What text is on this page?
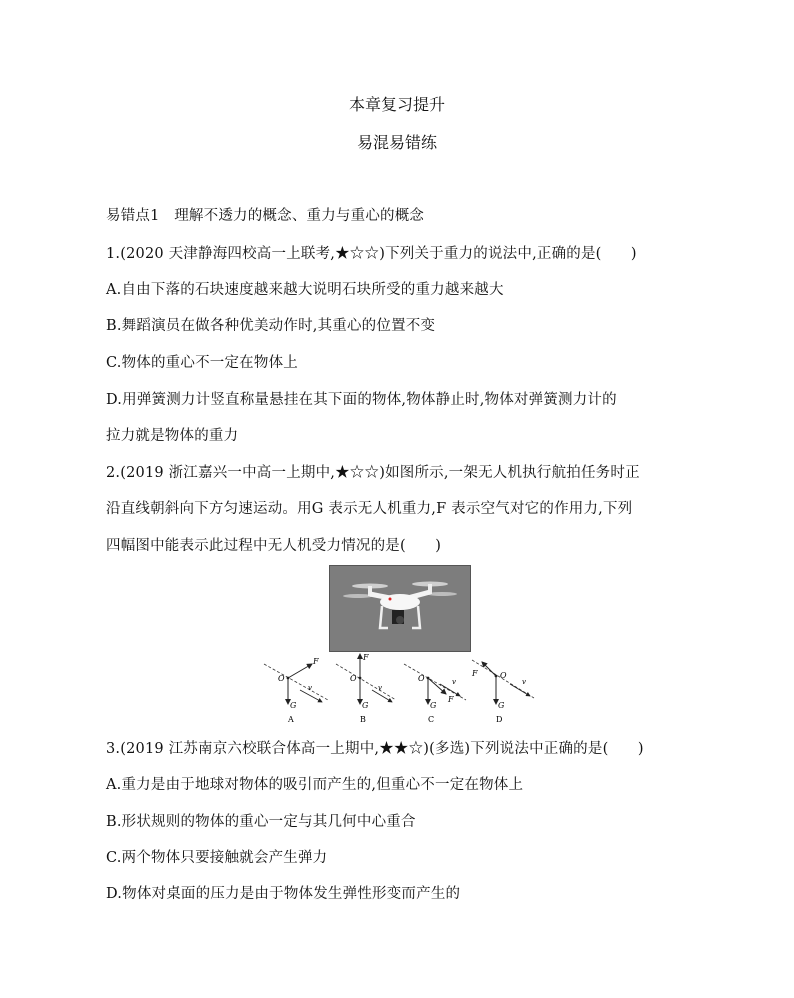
本章复习提升
易混易错练
易错点1　理解不透力的概念、重力与重心的概念
1.(2020 天津静海四校高一上联考,★☆☆)下列关于重力的说法中,正确的是(　　)
A.自由下落的石块速度越来越大说明石块所受的重力越来越大
B.舞蹈演员在做各种优美动作时,其重心的位置不变
C.物体的重心不一定在物体上
D.用弹簧测力计竖直称量悬挂在其下面的物体,物体静止时,物体对弹簧测力计的
拉力就是物体的重力
2.(2019 浙江嘉兴一中高一上期中,★☆☆)如图所示,一架无人机执行航拍任务时正
沿直线朝斜向下方匀速运动。用G 表示无人机重力,F 表示空气对它的作用力,下列
四幅图中能表示此过程中无人机受力情况的是(　　)
O
F
G
v
A
O
F
G
v
B
O
F
G
v
C
O
F
G
v
D
3.(2019 江苏南京六校联合体高一上期中,★★☆)(多选)下列说法中正确的是(　　)
A.重力是由于地球对物体的吸引而产生的,但重心不一定在物体上
B.形状规则的物体的重心一定与其几何中心重合
C.两个物体只要接触就会产生弹力
D.物体对桌面的压力是由于物体发生弹性形变而产生的
